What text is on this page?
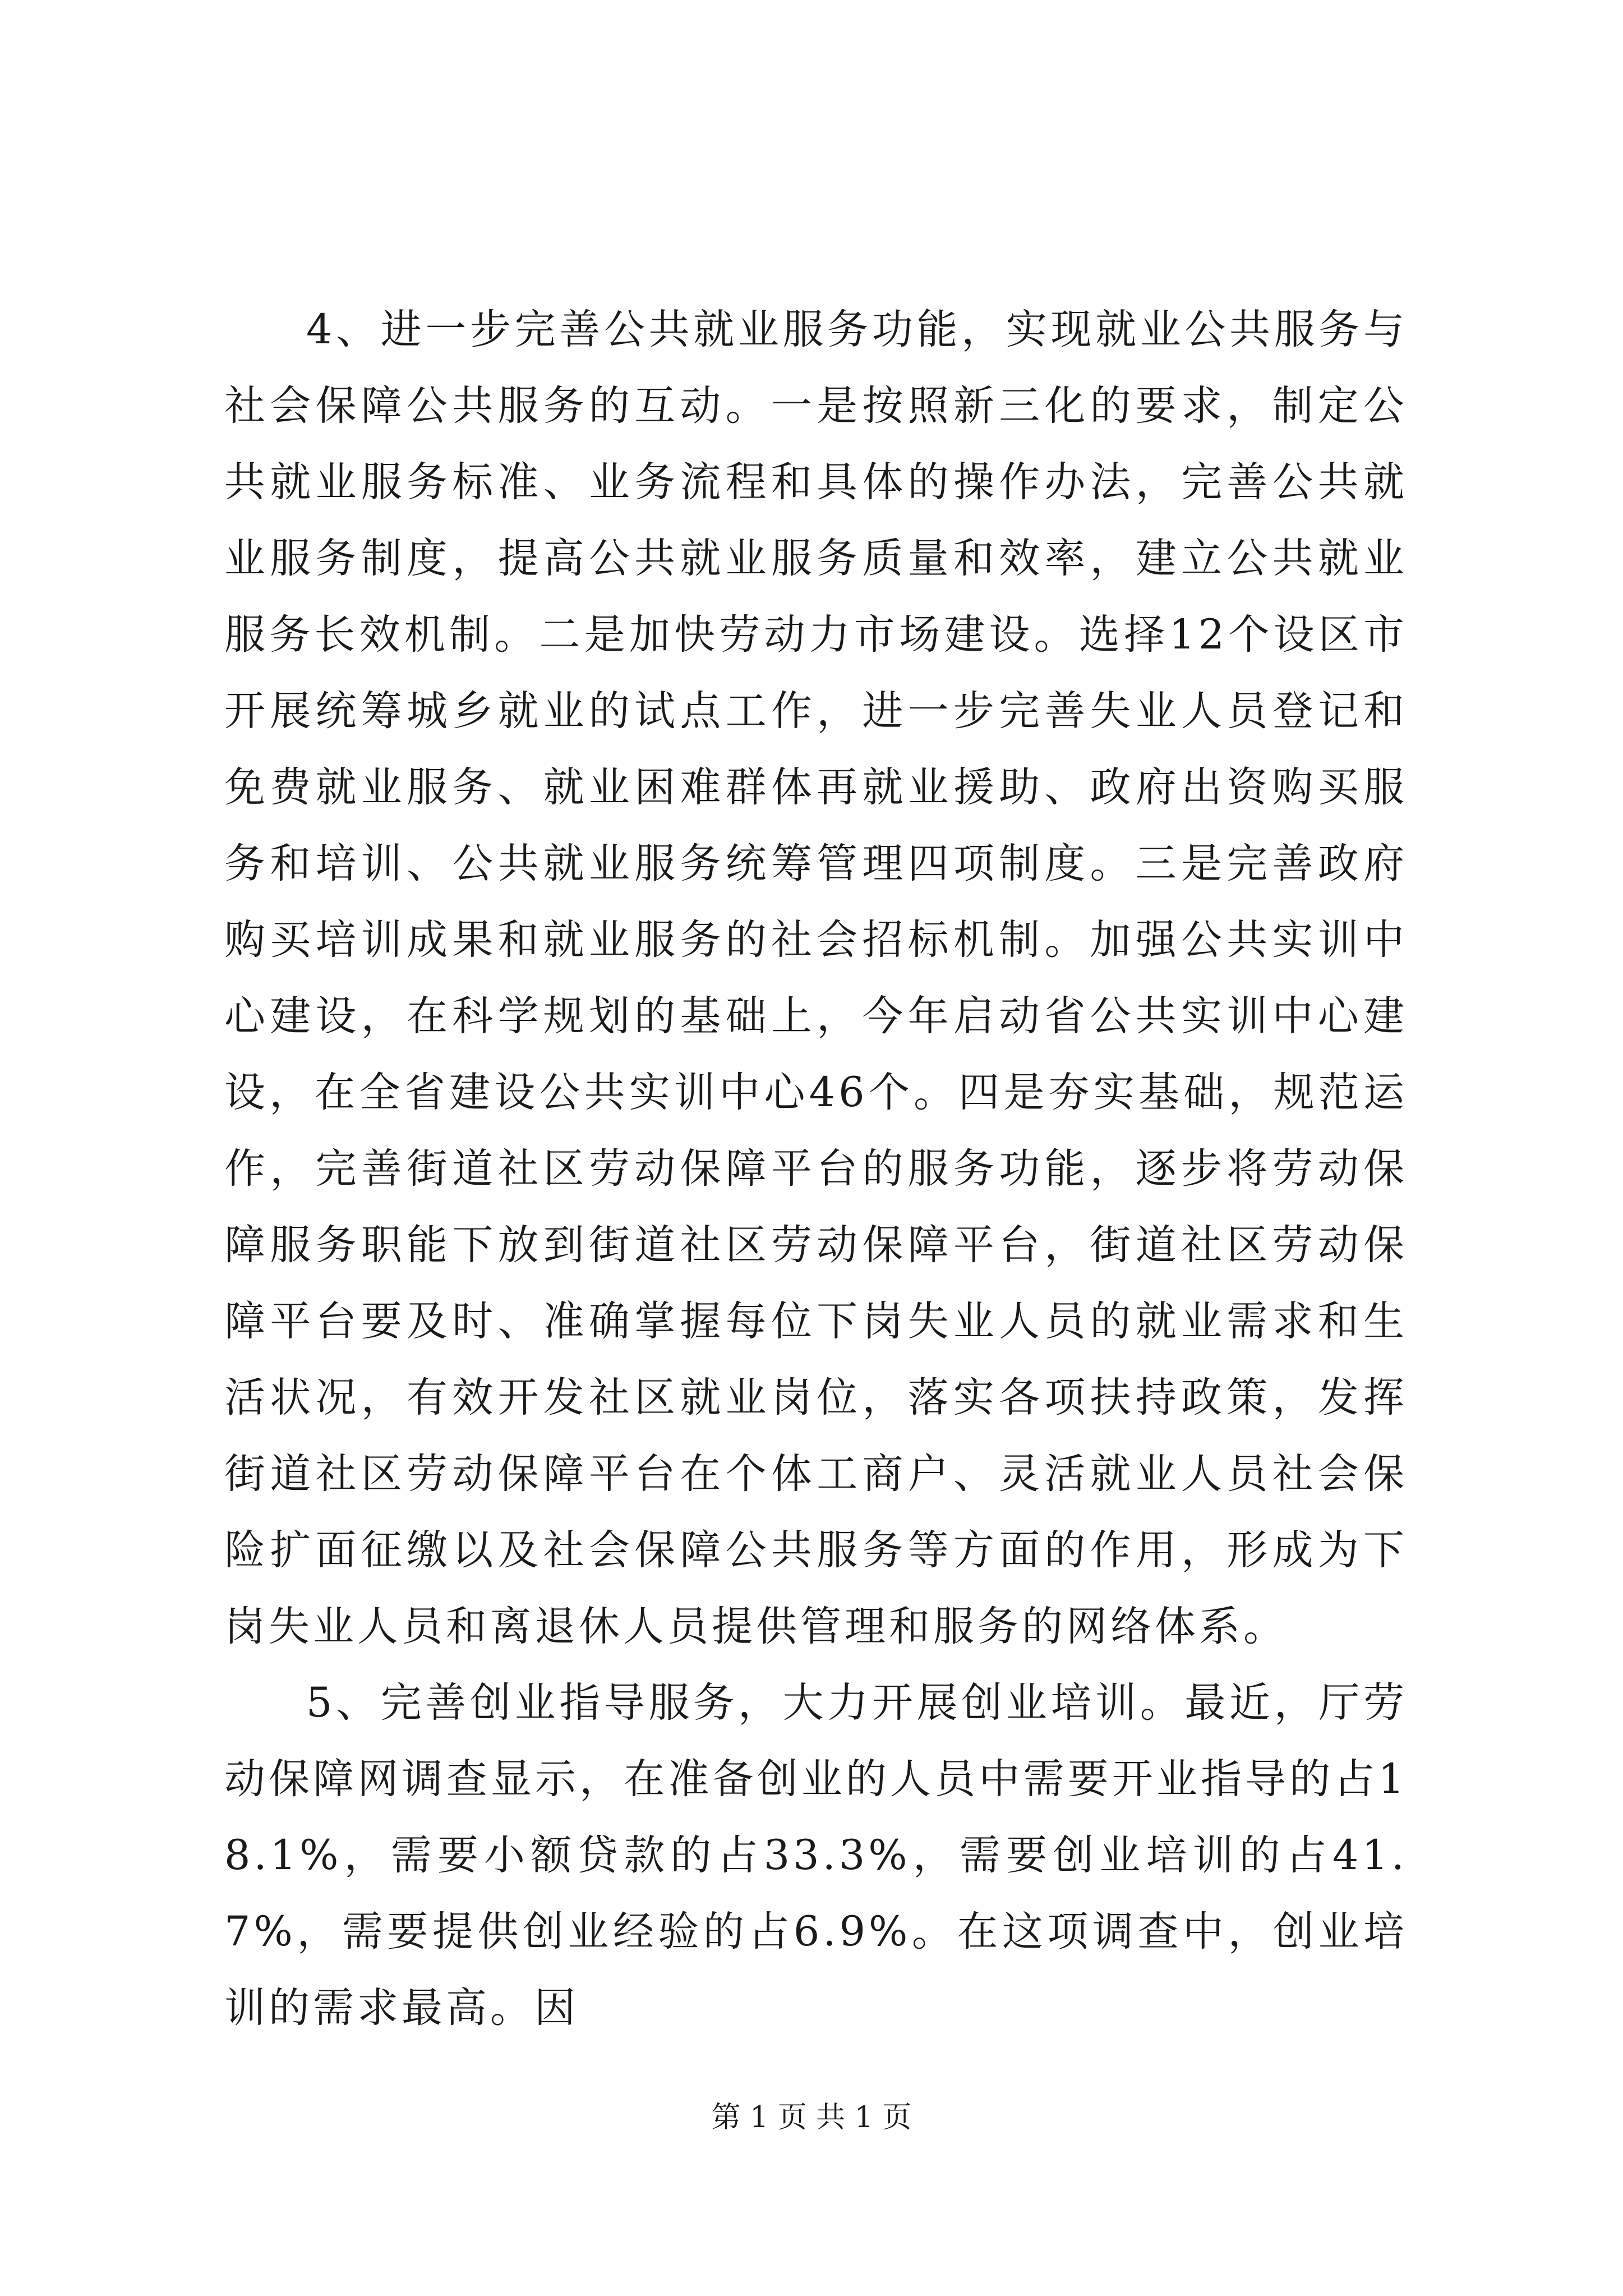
4、进一步完善公共就业服务功能，实现就业公共服务与社会保障公共服务的互动。一是按照新三化的要求，制定公共就业服务标准、业务流程和具体的操作办法，完善公共就业服务制度，提高公共就业服务质量和效率，建立公共就业服务长效机制。二是加快劳动力市场建设。选择12个设区市开展统筹城乡就业的试点工作，进一步完善失业人员登记和免费就业服务、就业困难群体再就业援助、政府出资购买服务和培训、公共就业服务统筹管理四项制度。三是完善政府购买培训成果和就业服务的社会招标机制。加强公共实训中心建设，在科学规划的基础上，今年启动省公共实训中心建设，在全省建设公共实训中心46个。四是夯实基础，规范运作，完善街道社区劳动保障平台的服务功能，逐步将劳动保障服务职能下放到街道社区劳动保障平台，街道社区劳动保障平台要及时、准确掌握每位下岗失业人员的就业需求和生活状况，有效开发社区就业岗位，落实各项扶持政策，发挥街道社区劳动保障平台在个体工商户、灵活就业人员社会保险扩面征缴以及社会保障公共服务等方面的作用，形成为下岗失业人员和离退休人员提供管理和服务的网络体系。

5、完善创业指导服务，大力开展创业培训。最近，厅劳动保障网调查显示，在准备创业的人员中需要开业指导的占18.1%，需要小额贷款的占33.3%，需要创业培训的占41.7%，需要提供创业经验的占6.9%。在这项调查中，创业培训的需求最高。因

第 1 页 共 1 页
